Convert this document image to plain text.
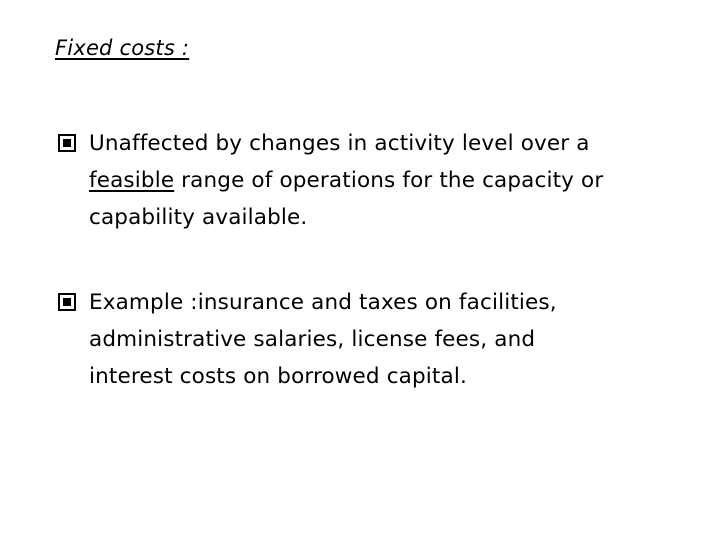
Fixed costs :
Unaffected by changes in activity level over a
feasible range of operations for the capacity or
capability available.
Example :insurance and taxes on facilities,
administrative salaries, license fees, and
interest costs on borrowed capital.
